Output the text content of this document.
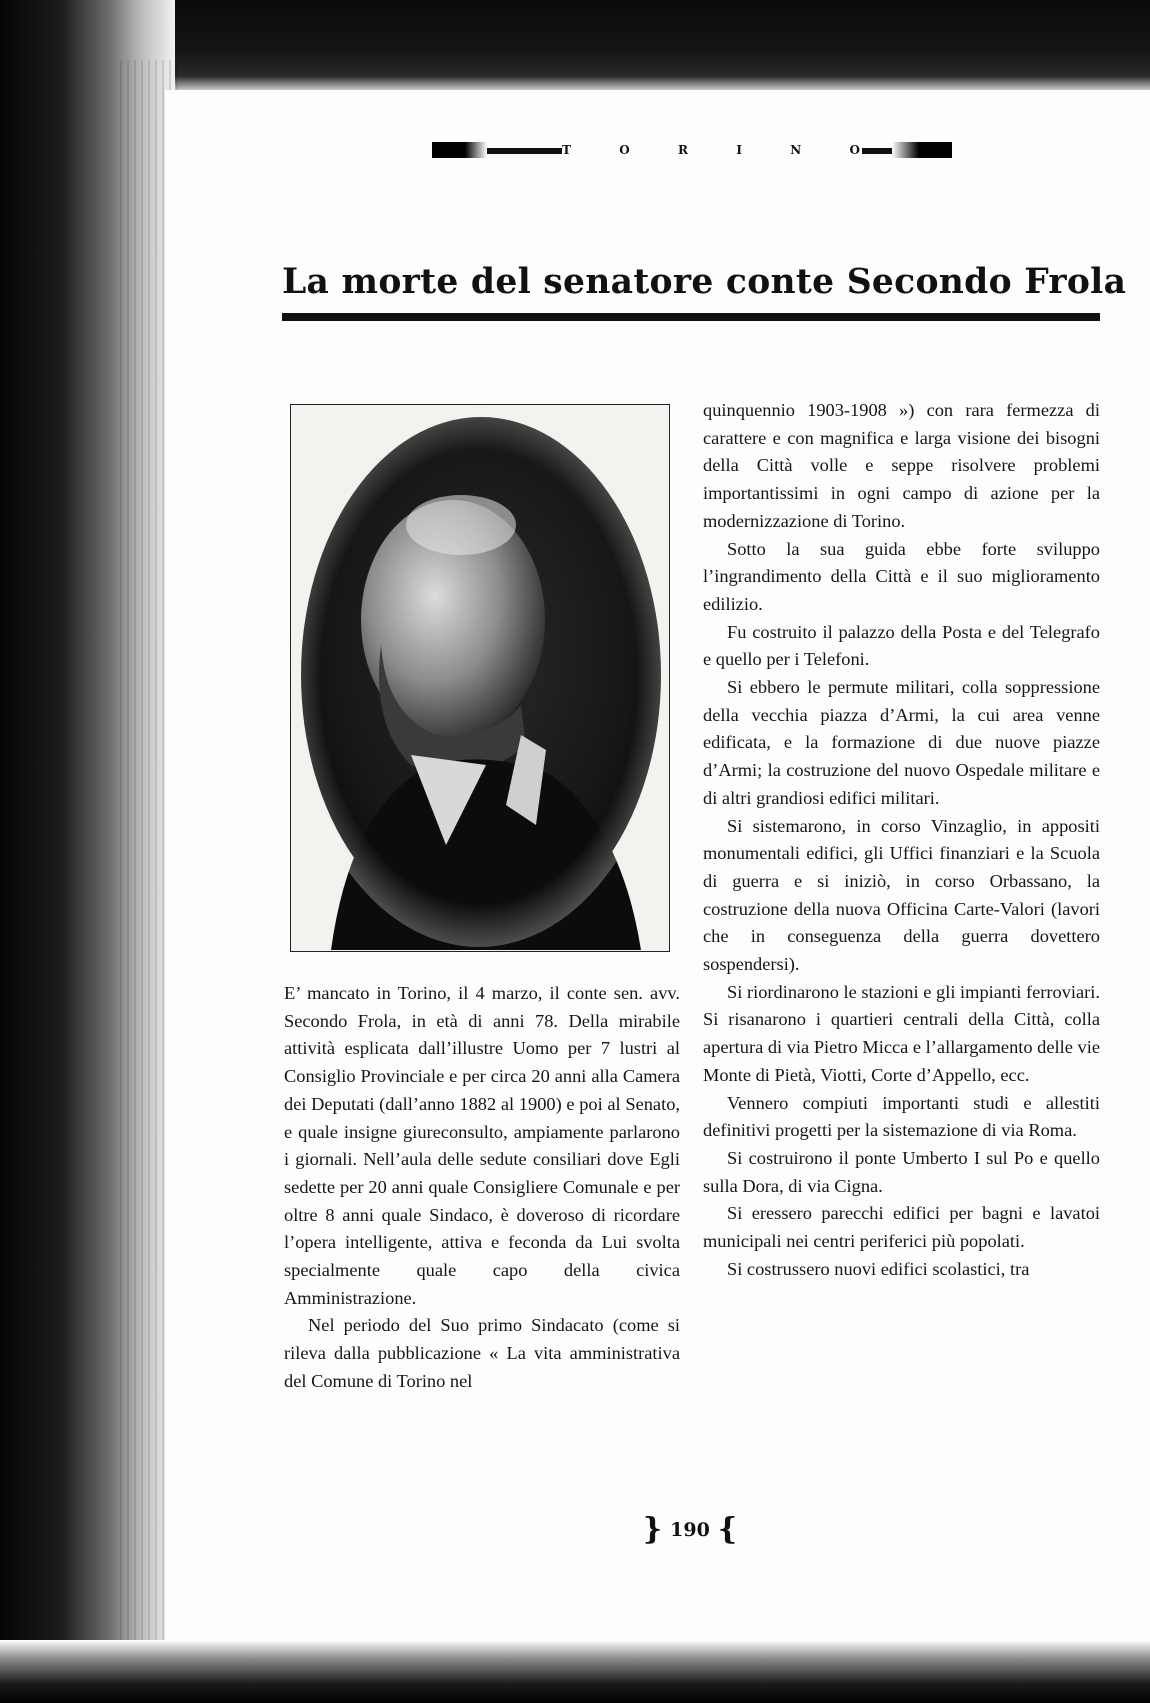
T	O	R	I	N	O
La morte del senatore conte Secondo Frola

E’ mancato in Torino, il 4 marzo, il conte sen. avv. Secondo Frola, in età di anni 78. Della mirabile attività esplicata dall’illustre Uomo per 7 lustri al Consiglio Provinciale e per circa 20 anni alla Camera dei Deputati (dall’anno 1882 al 1900) e poi al Senato, e quale insigne giureconsulto, ampiamente parlarono i giornali. Nell’aula delle sedute consiliari dove Egli sedette per 20 anni quale Consigliere Comunale e per oltre 8 anni quale Sindaco, è doveroso di ricordare l’opera intelligente, attiva e feconda da Lui svolta specialmente quale capo della civica Amministrazione.

Nel periodo del Suo primo Sindacato (come si rileva dalla pubblicazione « La vita amministrativa del Comune di Torino nel

quinquennio 1903-1908 ») con rara fermezza di carattere e con magnifica e larga visione dei bisogni della Città volle e seppe risolvere problemi importantissimi in ogni campo di azione per la modernizzazione di Torino.

Sotto la sua guida ebbe forte sviluppo l’ingrandimento della Città e il suo miglioramento edilizio.

Fu costruito il palazzo della Posta e del Telegrafo e quello per i Telefoni.

Si ebbero le permute militari, colla soppressione della vecchia piazza d’Armi, la cui area venne edificata, e la formazione di due nuove piazze d’Armi; la costruzione del nuovo Ospedale militare e di altri grandiosi edifici militari.

Si sistemarono, in corso Vinzaglio, in appositi monumentali edifici, gli Uffici finanziari e la Scuola di guerra e si iniziò, in corso Orbassano, la costruzione della nuova Officina Carte-Valori (lavori che in conseguenza della guerra dovettero sospendersi).

Si riordinarono le stazioni e gli impianti ferroviari. Si risanarono i quartieri centrali della Città, colla apertura di via Pietro Micca e l’allargamento delle vie Monte di Pietà, Viotti, Corte d’Appello, ecc.

Vennero compiuti importanti studi e allestiti definitivi progetti per la sistemazione di via Roma.

Si costruirono il ponte Umberto I sul Po e quello sulla Dora, di via Cigna.

Si eressero parecchi edifici per bagni e lavatoi municipali nei centri periferici più popolati.

Si costrussero nuovi edifici scolastici, tra

} 190 {
